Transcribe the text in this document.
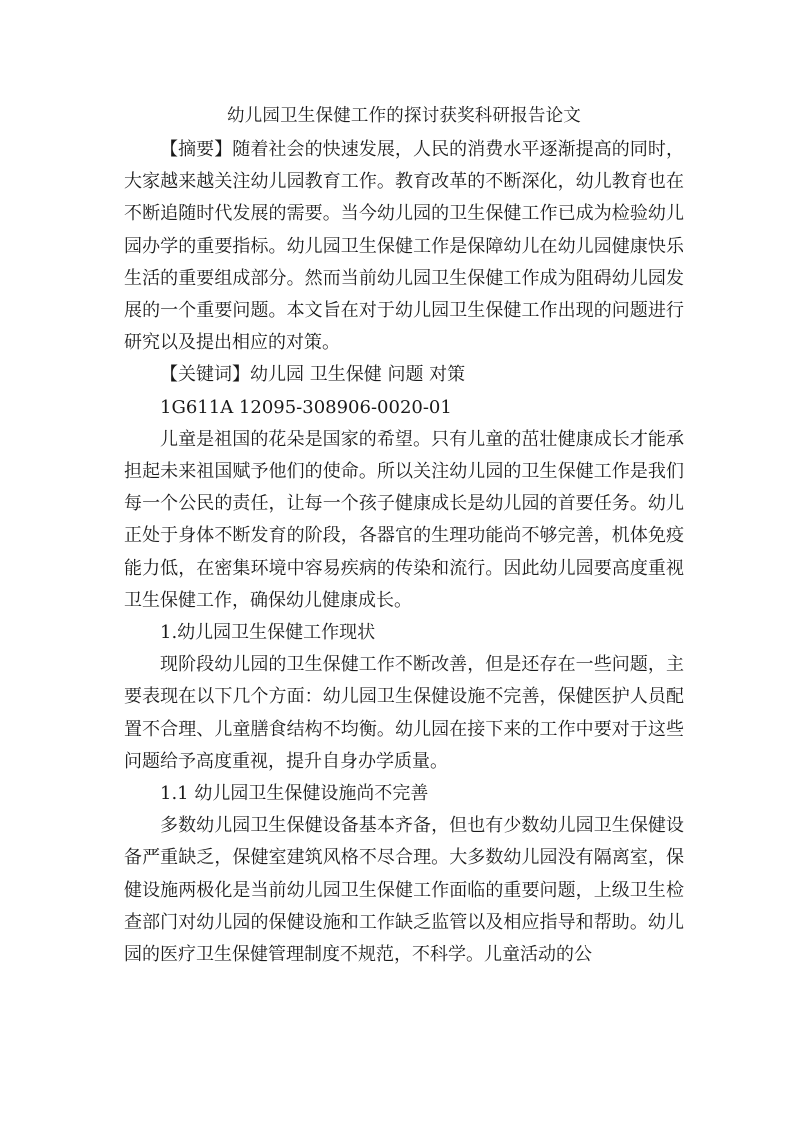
幼儿园卫生保健工作的探讨获奖科研报告论文

【摘要】随着社会的快速发展，人民的消费水平逐渐提高的同时，大家越来越关注幼儿园教育工作。教育改革的不断深化，幼儿教育也在不断追随时代发展的需要。当今幼儿园的卫生保健工作已成为检验幼儿园办学的重要指标。幼儿园卫生保健工作是保障幼儿在幼儿园健康快乐生活的重要组成部分。然而当前幼儿园卫生保健工作成为阻碍幼儿园发展的一个重要问题。本文旨在对于幼儿园卫生保健工作出现的问题进行研究以及提出相应的对策。

【关键词】幼儿园 卫生保健 问题 对策

1G611A 12095-308906-0020-01

儿童是祖国的花朵是国家的希望。只有儿童的茁壮健康成长才能承担起未来祖国赋予他们的使命。所以关注幼儿园的卫生保健工作是我们每一个公民的责任，让每一个孩子健康成长是幼儿园的首要任务。幼儿正处于身体不断发育的阶段，各器官的生理功能尚不够完善，机体免疫能力低，在密集环境中容易疾病的传染和流行。因此幼儿园要高度重视卫生保健工作，确保幼儿健康成长。

1.幼儿园卫生保健工作现状

现阶段幼儿园的卫生保健工作不断改善，但是还存在一些问题，主要表现在以下几个方面：幼儿园卫生保健设施不完善，保健医护人员配置不合理、儿童膳食结构不均衡。幼儿园在接下来的工作中要对于这些问题给予高度重视，提升自身办学质量。

1.1 幼儿园卫生保健设施尚不完善

多数幼儿园卫生保健设备基本齐备，但也有少数幼儿园卫生保健设备严重缺乏，保健室建筑风格不尽合理。大多数幼儿园没有隔离室，保健设施两极化是当前幼儿园卫生保健工作面临的重要问题，上级卫生检查部门对幼儿园的保健设施和工作缺乏监管以及相应指导和帮助。幼儿园的医疗卫生保健管理制度不规范，不科学。儿童活动的公
